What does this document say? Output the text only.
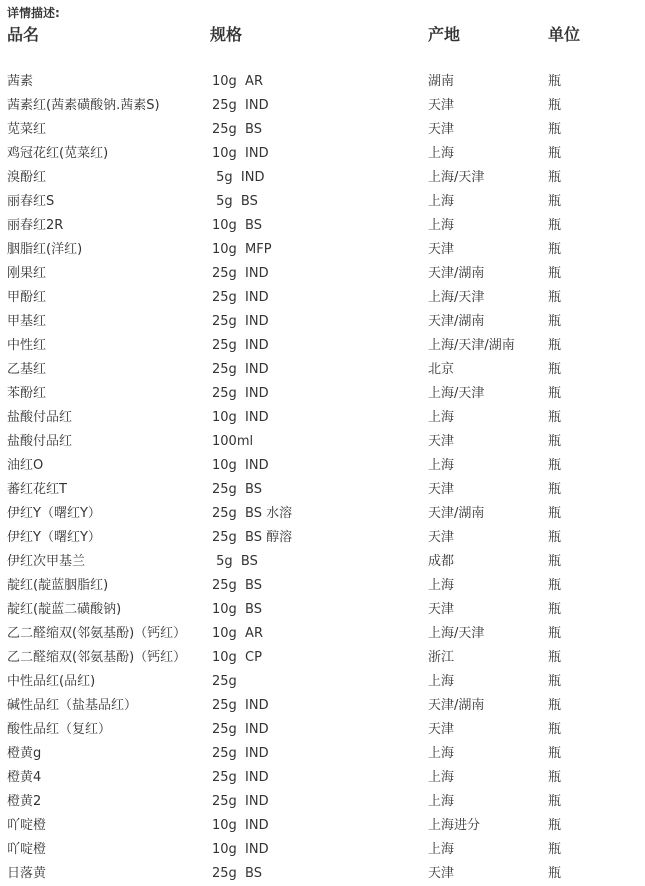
详情描述:
品名	规格	产地	单位
茜素	10g  AR	湖南	瓶
茜素红(茜素磺酸钠.茜素S)	25g  IND	天津	瓶
苋菜红	25g  BS	天津	瓶
鸡冠花红(苋菜红)	10g  IND	上海	瓶
溴酚红	5g  IND	上海/天津	瓶
丽春红S	5g  BS	上海	瓶
丽春红2R	10g  BS	上海	瓶
胭脂红(洋红)	10g  MFP	天津	瓶
刚果红	25g  IND	天津/湖南	瓶
甲酚红	25g  IND	上海/天津	瓶
甲基红	25g  IND	天津/湖南	瓶
中性红	25g  IND	上海/天津/湖南	瓶
乙基红	25g  IND	北京	瓶
苯酚红	25g  IND	上海/天津	瓶
盐酸付品红	10g  IND	上海	瓶
盐酸付品红	100ml	天津	瓶
油红O	10g  IND	上海	瓶
蕃红花红T	25g  BS	天津	瓶
伊红Y（曙红Y）	25g  BS 水溶	天津/湖南	瓶
伊红Y（曙红Y）	25g  BS 醇溶	天津	瓶
伊红次甲基兰	5g  BS	成都	瓶
靛红(靛蓝胭脂红)	25g  BS	上海	瓶
靛红(靛蓝二磺酸钠)	10g  BS	天津	瓶
乙二醛缩双(邻氨基酚)（钙红） 10g  AR	上海/天津	瓶
乙二醛缩双(邻氨基酚)（钙红） 10g  CP	浙江	瓶
中性品红(品红)	25g	上海	瓶
碱性品红（盐基品红）	25g  IND	天津/湖南	瓶
酸性品红（复红）	25g  IND	天津	瓶
橙黄g	25g  IND	上海	瓶
橙黄4	25g  IND	上海	瓶
橙黄2	25g  IND	上海	瓶
吖啶橙	10g  IND	上海进分	瓶
吖啶橙	10g  IND	上海	瓶
日落黄	25g  BS	天津	瓶
